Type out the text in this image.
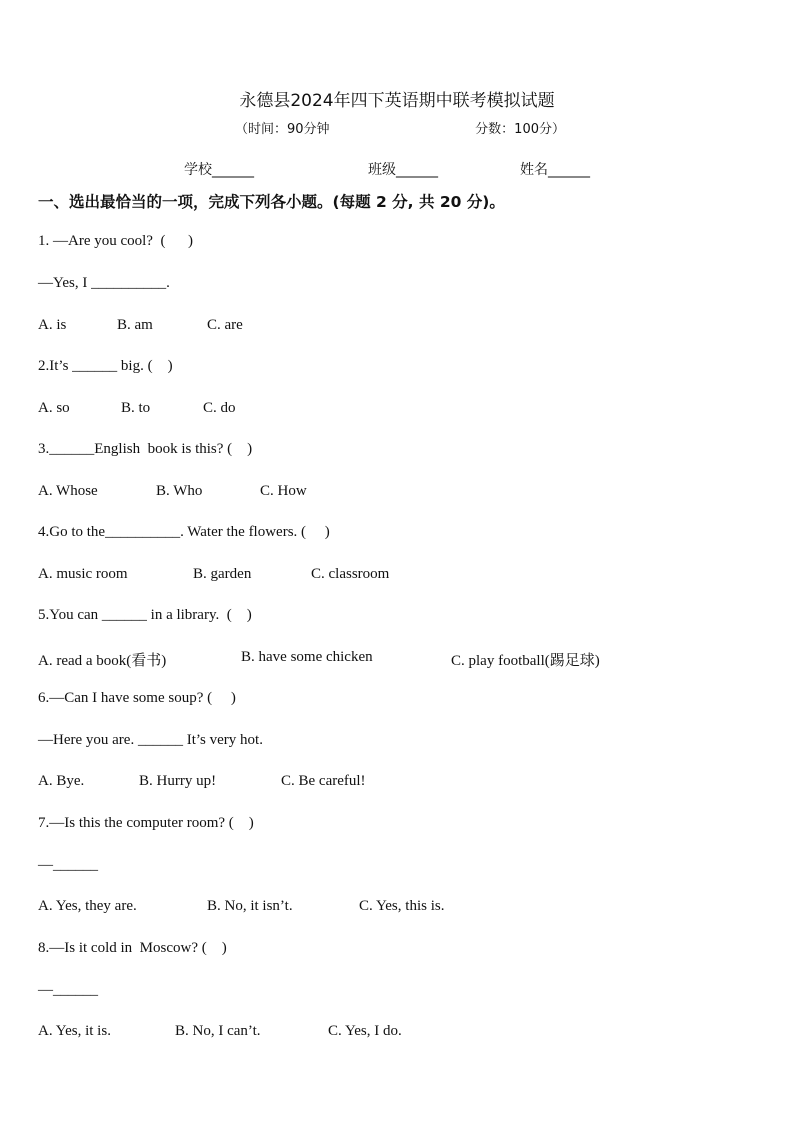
永德县2024年四下英语期中联考模拟试题
（时间：90分钟	分数：100分）
学校______	班级______	姓名______
一、选出最恰当的一项，完成下列各小题。(每题 2 分, 共 20 分)。
1. —Are you cool?  (      )
—Yes, I __________.
A. is	B. am	C. are
2.It’s ______ big. (    )
A. so	B. to	C. do
3.______English  book is this? (    )
A. Whose	B. Who	C. How
4.Go to the__________. Water the flowers. (     )
A. music room	B. garden	C. classroom
5.You can ______ in a library.  (    )
A. read a book(看书)	B. have some chicken	C. play football(踢足球)
6.—Can I have some soup? (     )
—Here you are. ______ It’s very hot.
A. Bye.	B. Hurry up!	C. Be careful!
7.—Is this the computer room? (    )
—______
A. Yes, they are.	B. No, it isn’t.	C. Yes, this is.
8.—Is it cold in  Moscow? (    )
—______
A. Yes, it is.	B. No, I can’t.	C. Yes, I do.
